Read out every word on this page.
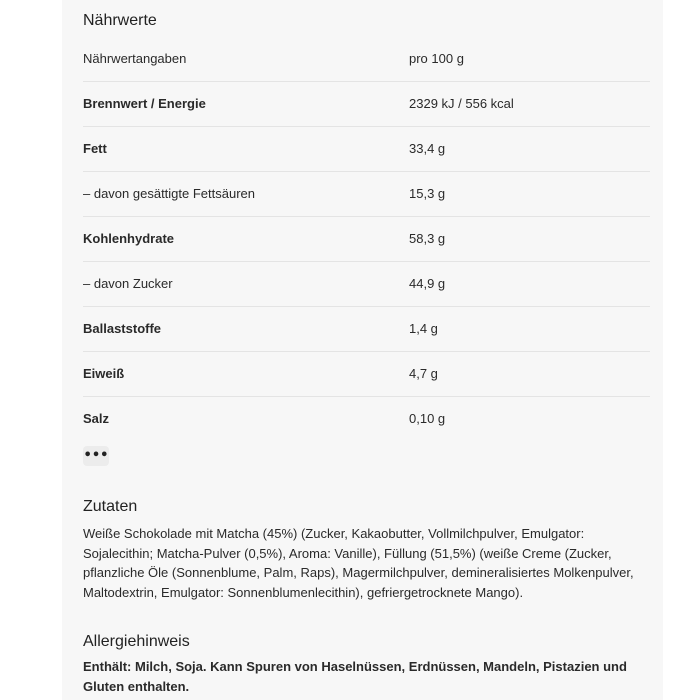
Nährwerte
Nährwertangaben	pro 100 g
Brennwert / Energie	2329 kJ / 556 kcal
Fett	33,4 g
– davon gesättigte Fettsäuren	15,3 g
Kohlenhydrate	58,3 g
– davon Zucker	44,9 g
Ballaststoffe	1,4 g
Eiweiß	4,7 g
Salz	0,10 g
•••
Zutaten

Weiße Schokolade mit Matcha (45%) (Zucker, Kakaobutter, Vollmilchpulver, Emulgator: Sojalecithin; Matcha-Pulver (0,5%), Aroma: Vanille), Füllung (51,5%) (weiße Creme (Zucker, pflanzliche Öle (Sonnenblume, Palm, Raps), Magermilchpulver, demineralisiertes Molkenpulver, Maltodextrin, Emulgator: Sonnenblumenlecithin), gefriergetrocknete Mango).

Allergiehinweis

Enthält: Milch, Soja. Kann Spuren von Haselnüssen, Erdnüssen, Mandeln, Pistazien und Gluten enthalten.
